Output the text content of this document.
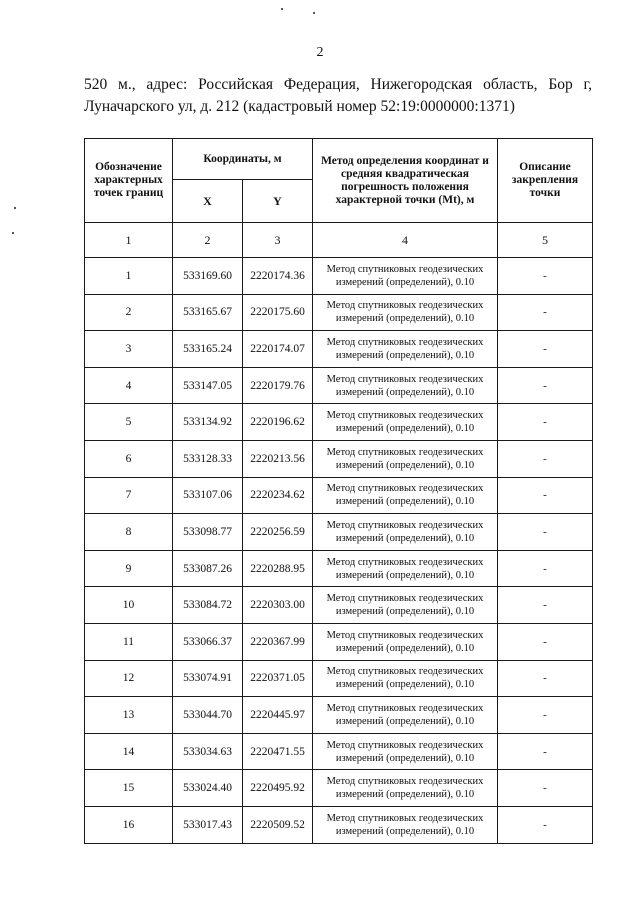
2
520 м., адрес: Российская Федерация, Нижегородская область, Бор г,
Луначарского ул, д. 212 (кадастровый номер 52:19:0000000:1371)
Обозначение характерных точек границ	Координаты, м		Метод определения координат и средняя квадратическая погрешность положения характерной точки (Mt), м	Описание закрепления точки
	X	Y		
1	2	3	4	5
1	533169.60	2220174.36	Метод спутниковых геодезических измерений (определений), 0.10	-
2	533165.67	2220175.60	Метод спутниковых геодезических измерений (определений), 0.10	-
3	533165.24	2220174.07	Метод спутниковых геодезических измерений (определений), 0.10	-
4	533147.05	2220179.76	Метод спутниковых геодезических измерений (определений), 0.10	-
5	533134.92	2220196.62	Метод спутниковых геодезических измерений (определений), 0.10	-
6	533128.33	2220213.56	Метод спутниковых геодезических измерений (определений), 0.10	-
7	533107.06	2220234.62	Метод спутниковых геодезических измерений (определений), 0.10	-
8	533098.77	2220256.59	Метод спутниковых геодезических измерений (определений), 0.10	-
9	533087.26	2220288.95	Метод спутниковых геодезических измерений (определений), 0.10	-
10	533084.72	2220303.00	Метод спутниковых геодезических измерений (определений), 0.10	-
11	533066.37	2220367.99	Метод спутниковых геодезических измерений (определений), 0.10	-
12	533074.91	2220371.05	Метод спутниковых геодезических измерений (определений), 0.10	-
13	533044.70	2220445.97	Метод спутниковых геодезических измерений (определений), 0.10	-
14	533034.63	2220471.55	Метод спутниковых геодезических измерений (определений), 0.10	-
15	533024.40	2220495.92	Метод спутниковых геодезических измерений (определений), 0.10	-
16	533017.43	2220509.52	Метод спутниковых геодезических измерений (определений), 0.10	-
